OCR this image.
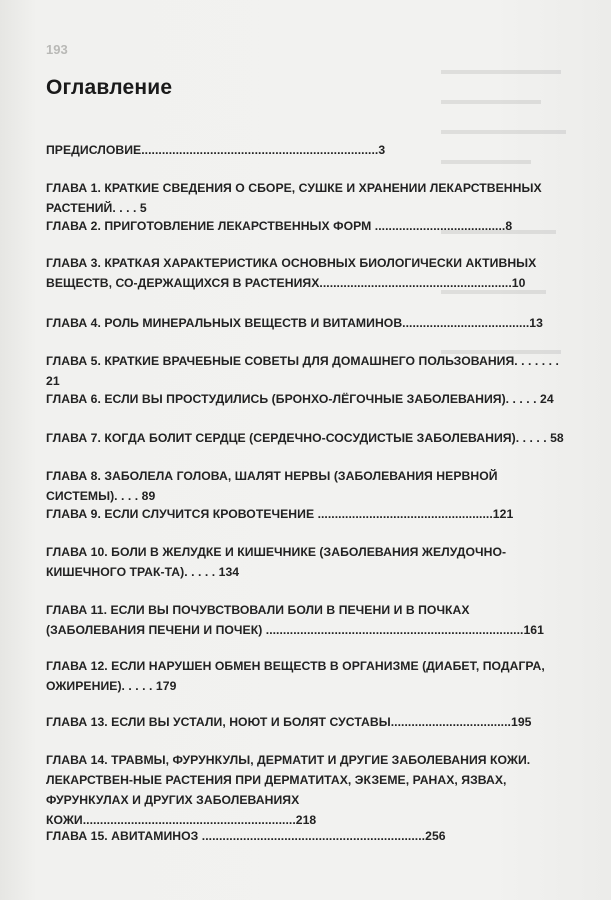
193
Оглавление
ПРЕДИСЛОВИЕ.....................................................................3
ГЛАВА 1. КРАТКИЕ СВЕДЕНИЯ О СБОРЕ, СУШКЕ И ХРАНЕНИИ ЛЕКАРСТВЕННЫХ РАСТЕНИЙ. . . . 5
ГЛАВА 2. ПРИГОТОВЛЕНИЕ ЛЕКАРСТВЕННЫХ ФОРМ ......................................8
ГЛАВА 3. КРАТКАЯ ХАРАКТЕРИСТИКА ОСНОВНЫХ БИОЛОГИЧЕСКИ АКТИВНЫХ ВЕЩЕСТВ, СО-ДЕРЖАЩИХСЯ В РАСТЕНИЯХ........................................................10
ГЛАВА 4. РОЛЬ МИНЕРАЛЬНЫХ ВЕЩЕСТВ И ВИТАМИНОВ.....................................13
ГЛАВА 5. КРАТКИЕ ВРАЧЕБНЫЕ СОВЕТЫ ДЛЯ ДОМАШНЕГО ПОЛЬЗОВАНИЯ. . . . . . . 21
ГЛАВА 6. ЕСЛИ ВЫ ПРОСТУДИЛИСЬ (БРОНХО-ЛЁГОЧНЫЕ ЗАБОЛЕВАНИЯ). . . . . 24
ГЛАВА 7. КОГДА БОЛИТ СЕРДЦЕ (СЕРДЕЧНО-СОСУДИСТЫЕ ЗАБОЛЕВАНИЯ). . . . . 58
ГЛАВА 8. ЗАБОЛЕЛА ГОЛОВА, ШАЛЯТ НЕРВЫ (ЗАБОЛЕВАНИЯ НЕРВНОЙ СИСТЕМЫ). . . . 89
ГЛАВА 9. ЕСЛИ СЛУЧИТСЯ КРОВОТЕЧЕНИЕ ...................................................121
ГЛАВА 10. БОЛИ В ЖЕЛУДКЕ И КИШЕЧНИКЕ (ЗАБОЛЕВАНИЯ ЖЕЛУДОЧНО-КИШЕЧНОГО ТРАК-ТА). . . . . 134
ГЛАВА 11. ЕСЛИ ВЫ ПОЧУВСТВОВАЛИ БОЛИ В ПЕЧЕНИ И В ПОЧКАХ (ЗАБОЛЕВАНИЯ ПЕЧЕНИ И ПОЧЕК) ...........................................................................161
ГЛАВА 12. ЕСЛИ НАРУШЕН ОБМЕН ВЕЩЕСТВ В ОРГАНИЗМЕ (ДИАБЕТ, ПОДАГРА, ОЖИРЕНИЕ). . . . . 179
ГЛАВА 13. ЕСЛИ ВЫ УСТАЛИ, НОЮТ И БОЛЯТ СУСТАВЫ...................................195
ГЛАВА 14. ТРАВМЫ, ФУРУНКУЛЫ, ДЕРМАТИТ И ДРУГИЕ ЗАБОЛЕВАНИЯ КОЖИ. ЛЕКАРСТВЕН-НЫЕ РАСТЕНИЯ ПРИ ДЕРМАТИТАХ, ЭКЗЕМЕ, РАНАХ, ЯЗВАХ, ФУРУНКУЛАХ И ДРУГИХ ЗАБОЛЕВАНИЯХ КОЖИ..............................................................218
ГЛАВА 15. АВИТАМИНОЗ .................................................................256
